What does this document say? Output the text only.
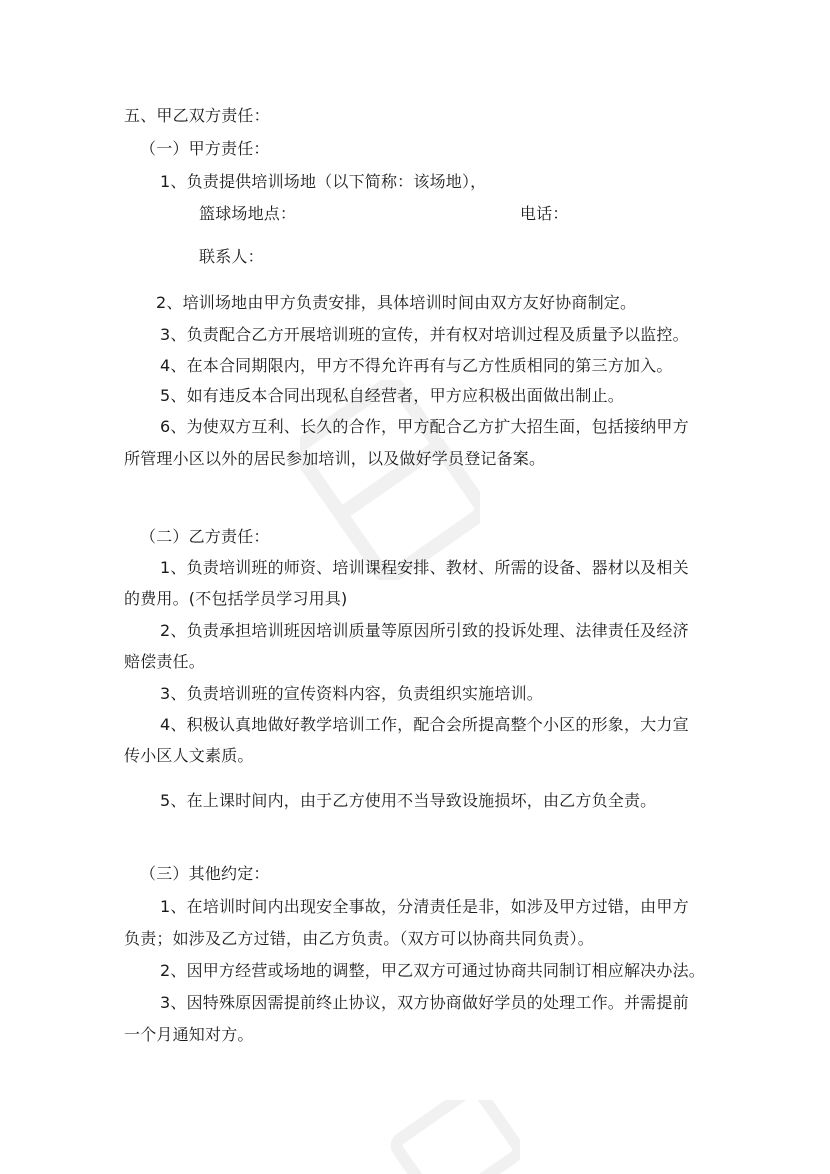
五、甲乙双方责任：
（一）甲方责任：
1、负责提供培训场地（以下简称：该场地），
篮球场地点：	电话：
联系人：
2、培训场地由甲方负责安排，具体培训时间由双方友好协商制定。
3、负责配合乙方开展培训班的宣传，并有权对培训过程及质量予以监控。
4、在本合同期限内，甲方不得允许再有与乙方性质相同的第三方加入。
5、如有违反本合同出现私自经营者，甲方应积极出面做出制止。
6、为使双方互利、长久的合作，甲方配合乙方扩大招生面，包括接纳甲方
所管理小区以外的居民参加培训，以及做好学员登记备案。
（二）乙方责任：
1、负责培训班的师资、培训课程安排、教材、所需的设备、器材以及相关
的费用。(不包括学员学习用具)
2、负责承担培训班因培训质量等原因所引致的投诉处理、法律责任及经济
赔偿责任。
3、负责培训班的宣传资料内容，负责组织实施培训。
4、积极认真地做好教学培训工作，配合会所提高整个小区的形象，大力宣
传小区人文素质。
5、在上课时间内，由于乙方使用不当导致设施损坏，由乙方负全责。
（三）其他约定：
1、在培训时间内出现安全事故，分清责任是非，如涉及甲方过错，由甲方
负责；如涉及乙方过错，由乙方负责。（双方可以协商共同负责）。
2、因甲方经营或场地的调整，甲乙双方可通过协商共同制订相应解决办法。
3、因特殊原因需提前终止协议，双方协商做好学员的处理工作。并需提前
一个月通知对方。
